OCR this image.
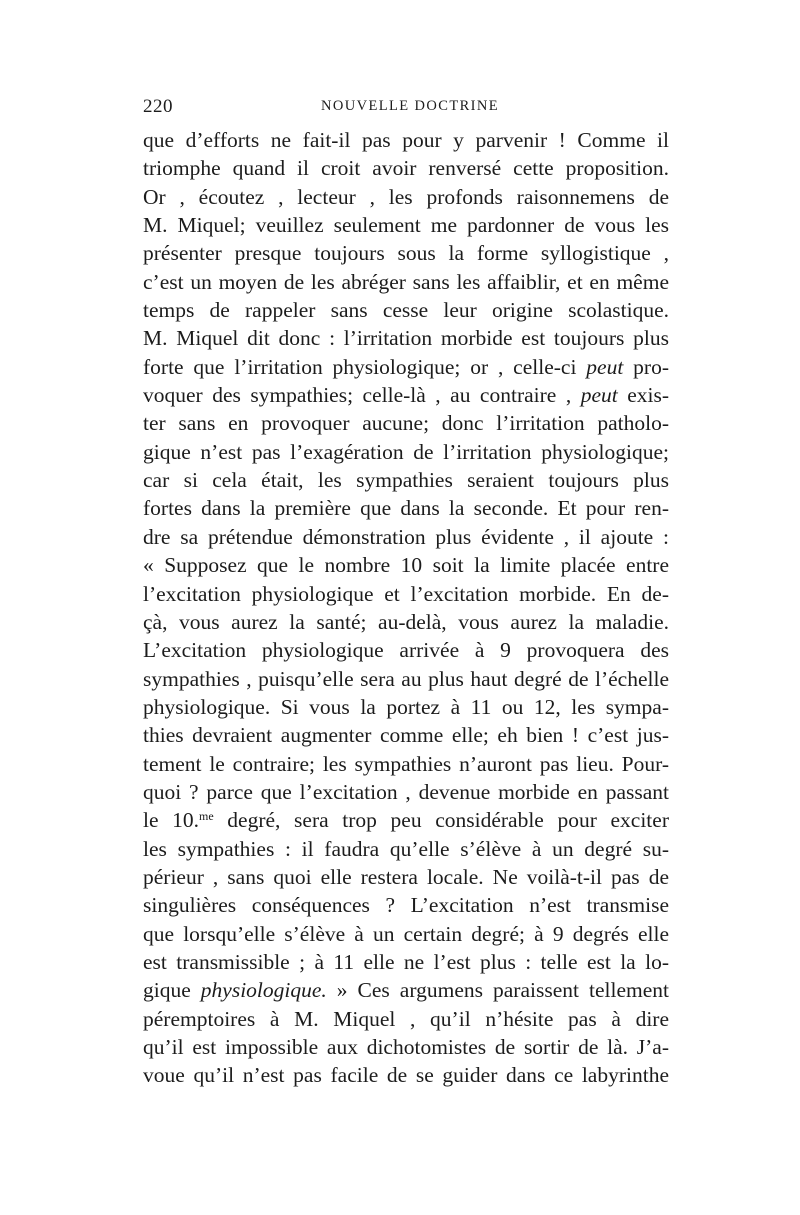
220	NOUVELLE DOCTRINE
que d’efforts ne fait-il pas pour y parvenir ! Comme il
triomphe quand il croit avoir renversé cette proposition.
Or , écoutez , lecteur , les profonds raisonnemens de
M. Miquel; veuillez seulement me pardonner de vous les
présenter presque toujours sous la forme syllogistique ,
c’est un moyen de les abréger sans les affaiblir, et en même
temps de rappeler sans cesse leur origine scolastique.
M. Miquel dit donc : l’irritation morbide est toujours plus
forte que l’irritation physiologique; or , celle-ci peut pro-
voquer des sympathies; celle-là , au contraire , peut exis-
ter sans en provoquer aucune; donc l’irritation patholo-
gique n’est pas l’exagération de l’irritation physiologique;
car si cela était, les sympathies seraient toujours plus
fortes dans la première que dans la seconde. Et pour ren-
dre sa prétendue démonstration plus évidente , il ajoute :
« Supposez que le nombre 10 soit la limite placée entre
l’excitation physiologique et l’excitation morbide. En de-
çà, vous aurez la santé; au-delà, vous aurez la maladie.
L’excitation physiologique arrivée à 9 provoquera des
sympathies , puisqu’elle sera au plus haut degré de l’échelle
physiologique. Si vous la portez à 11 ou 12, les sympa-
thies devraient augmenter comme elle; eh bien ! c’est jus-
tement le contraire; les sympathies n’auront pas lieu. Pour-
quoi ? parce que l’excitation , devenue morbide en passant
le 10.$^{me}$ degré, sera trop peu considérable pour exciter
les sympathies : il faudra qu’elle s’élève à un degré su-
périeur , sans quoi elle restera locale. Ne voilà-t-il pas de
singulières conséquences ? L’excitation n’est transmise
que lorsqu’elle s’élève à un certain degré; à 9 degrés elle
est transmissible ; à 11 elle ne l’est plus : telle est la lo-
gique physiologique. » Ces argumens paraissent tellement
péremptoires à M. Miquel , qu’il n’hésite pas à dire
qu’il est impossible aux dichotomistes de sortir de là. J’a-
voue qu’il n’est pas facile de se guider dans ce labyrinthe
